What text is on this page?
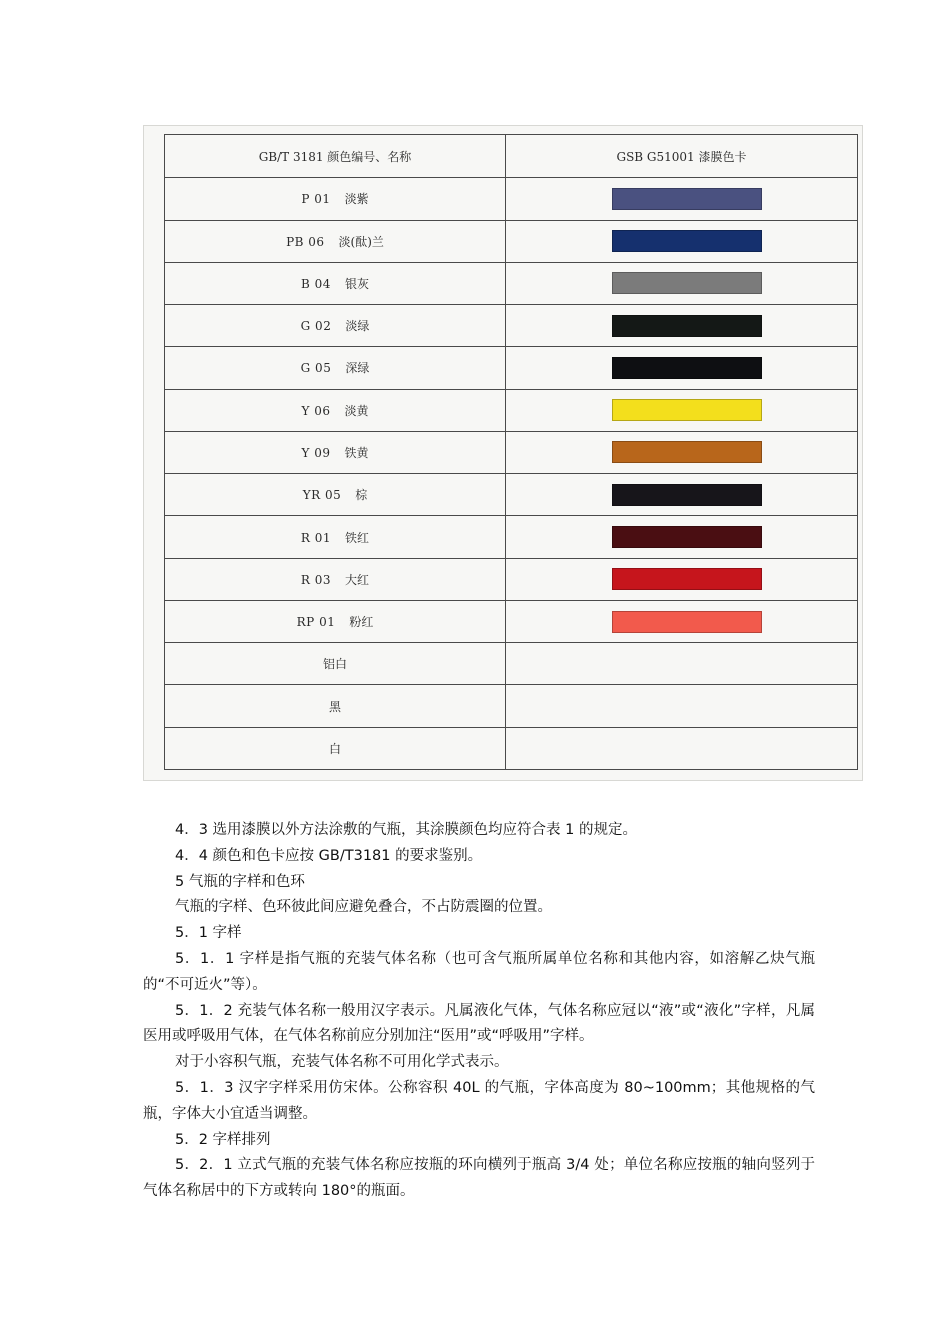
GB/T 3181 颜色编号、名称	GSB G51001 漆膜色卡
P 01 淡紫	
PB 06 淡(酞)兰	
B 04 银灰	
G 02 淡绿	
G 05 深绿	
Y 06 淡黄	
Y 09 铁黄	
YR 05 棕	
R 01 铁红	
R 03 大红	
RP 01 粉红	
铝白	
黑	
白	

4．3 选用漆膜以外方法涂敷的气瓶，其涂膜颜色均应符合表 1 的规定。

4．4 颜色和色卡应按 GB/T3181 的要求鉴别。

5 气瓶的字样和色环

气瓶的字样、色环彼此间应避免叠合，不占防震圈的位置。

5．1 字样

5．1．1 字样是指气瓶的充装气体名称（也可含气瓶所属单位名称和其他内容，如溶解乙炔气瓶的“不可近火”等）。

5．1．2 充装气体名称一般用汉字表示。凡属液化气体，气体名称应冠以“液”或“液化”字样，凡属医用或呼吸用气体，在气体名称前应分别加注“医用”或“呼吸用”字样。

对于小容积气瓶，充装气体名称不可用化学式表示。

5．1．3 汉字字样采用仿宋体。公称容积 40L 的气瓶，字体高度为 80~100mm；其他规格的气瓶，字体大小宜适当调整。

5．2 字样排列

5．2．1 立式气瓶的充装气体名称应按瓶的环向横列于瓶高 3/4 处；单位名称应按瓶的轴向竖列于气体名称居中的下方或转向 180°的瓶面。
